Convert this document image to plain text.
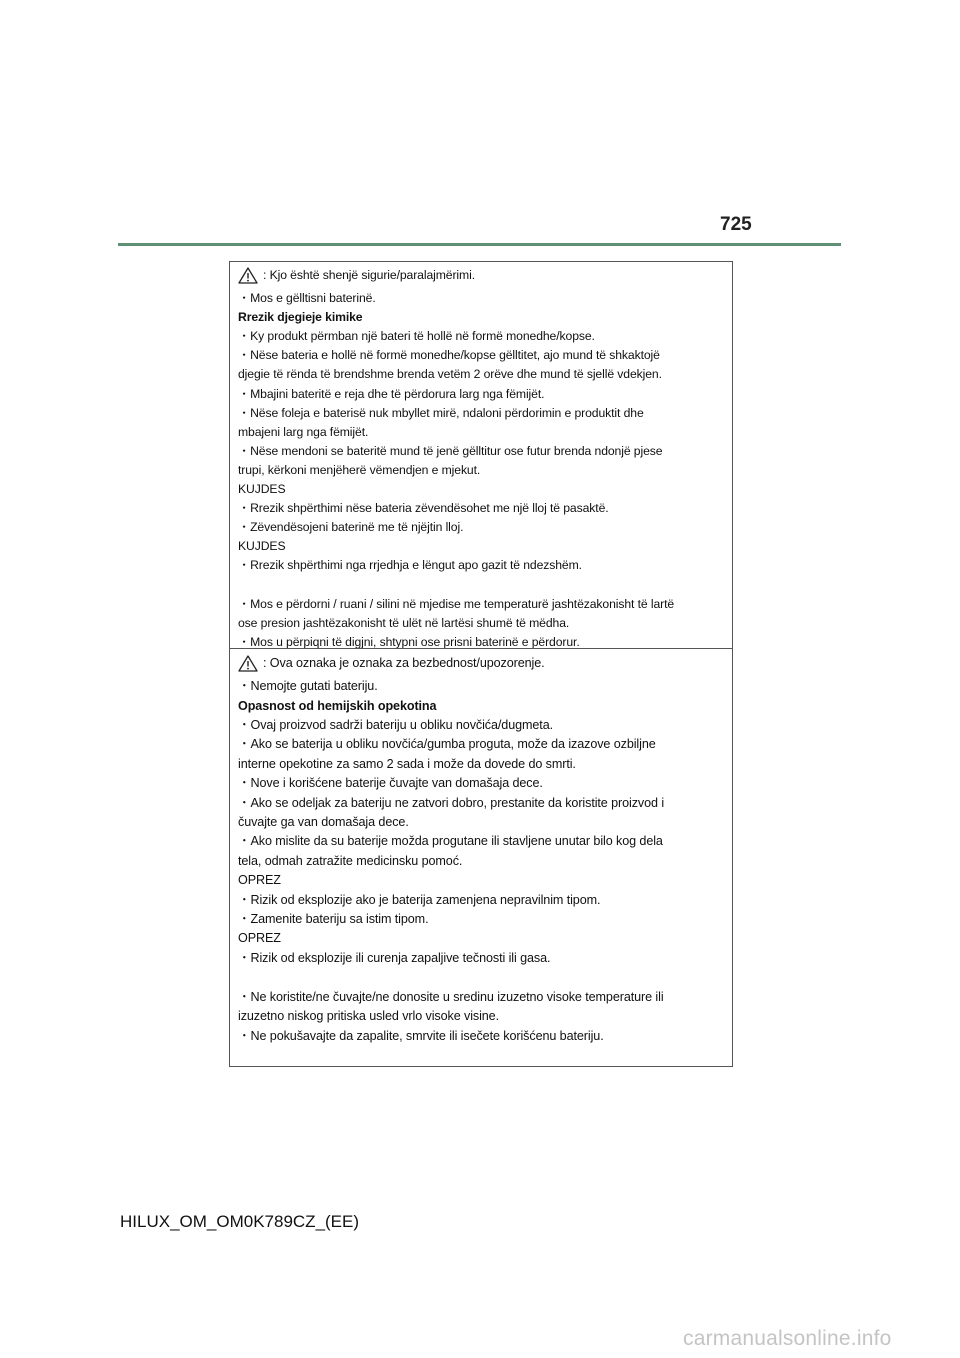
725
: Kjo është shenjë sigurie/paralajmërimi.
・Mos e gëlltisni baterinë.
Rrezik djegieje kimike
・Ky produkt përmban një bateri të hollë në formë monedhe/kopse.
・Nëse bateria e hollë në formë monedhe/kopse gëlltitet, ajo mund të shkaktojë
djegie të rënda të brendshme brenda vetëm 2 orëve dhe mund të sjellë vdekjen.
・Mbajini bateritë e reja dhe të përdorura larg nga fëmijët.
・Nëse foleja e baterisë nuk mbyllet mirë, ndaloni përdorimin e produktit dhe
mbajeni larg nga fëmijët.
・Nëse mendoni se bateritë mund të jenë gëlltitur ose futur brenda ndonjë pjese
trupi, kërkoni menjëherë vëmendjen e mjekut.
KUJDES
・Rrezik shpërthimi nëse bateria zëvendësohet me një lloj të pasaktë.
・Zëvendësojeni baterinë me të njëjtin lloj.
KUJDES
・Rrezik shpërthimi nga rrjedhja e lëngut apo gazit të ndezshëm.
・Mos e përdorni / ruani / silini në mjedise me temperaturë jashtëzakonisht të lartë
ose presion jashtëzakonisht të ulët në lartësi shumë të mëdha.
・Mos u përpiqni të digjni, shtypni ose prisni baterinë e përdorur.
: Ova oznaka je oznaka za bezbednost/upozorenje.
・Nemojte gutati bateriju.
Opasnost od hemijskih opekotina
・Ovaj proizvod sadrži bateriju u obliku novčića/dugmeta.
・Ako se baterija u obliku novčića/gumba proguta, može da izazove ozbiljne
interne opekotine za samo 2 sada i može da dovede do smrti.
・Nove i korišćene baterije čuvajte van domašaja dece.
・Ako se odeljak za bateriju ne zatvori dobro, prestanite da koristite proizvod i
čuvajte ga van domašaja dece.
・Ako mislite da su baterije možda progutane ili stavljene unutar bilo kog dela
tela, odmah zatražite medicinsku pomoć.
OPREZ
・Rizik od eksplozije ako je baterija zamenjena nepravilnim tipom.
・Zamenite bateriju sa istim tipom.
OPREZ
・Rizik od eksplozije ili curenja zapaljive tečnosti ili gasa.
・Ne koristite/ne čuvajte/ne donosite u sredinu izuzetno visoke temperature ili
izuzetno niskog pritiska usled vrlo visoke visine.
・Ne pokušavajte da zapalite, smrvite ili isečete korišćenu bateriju.
HILUX_OM_OM0K789CZ_(EE)
carmanualsonline.info
